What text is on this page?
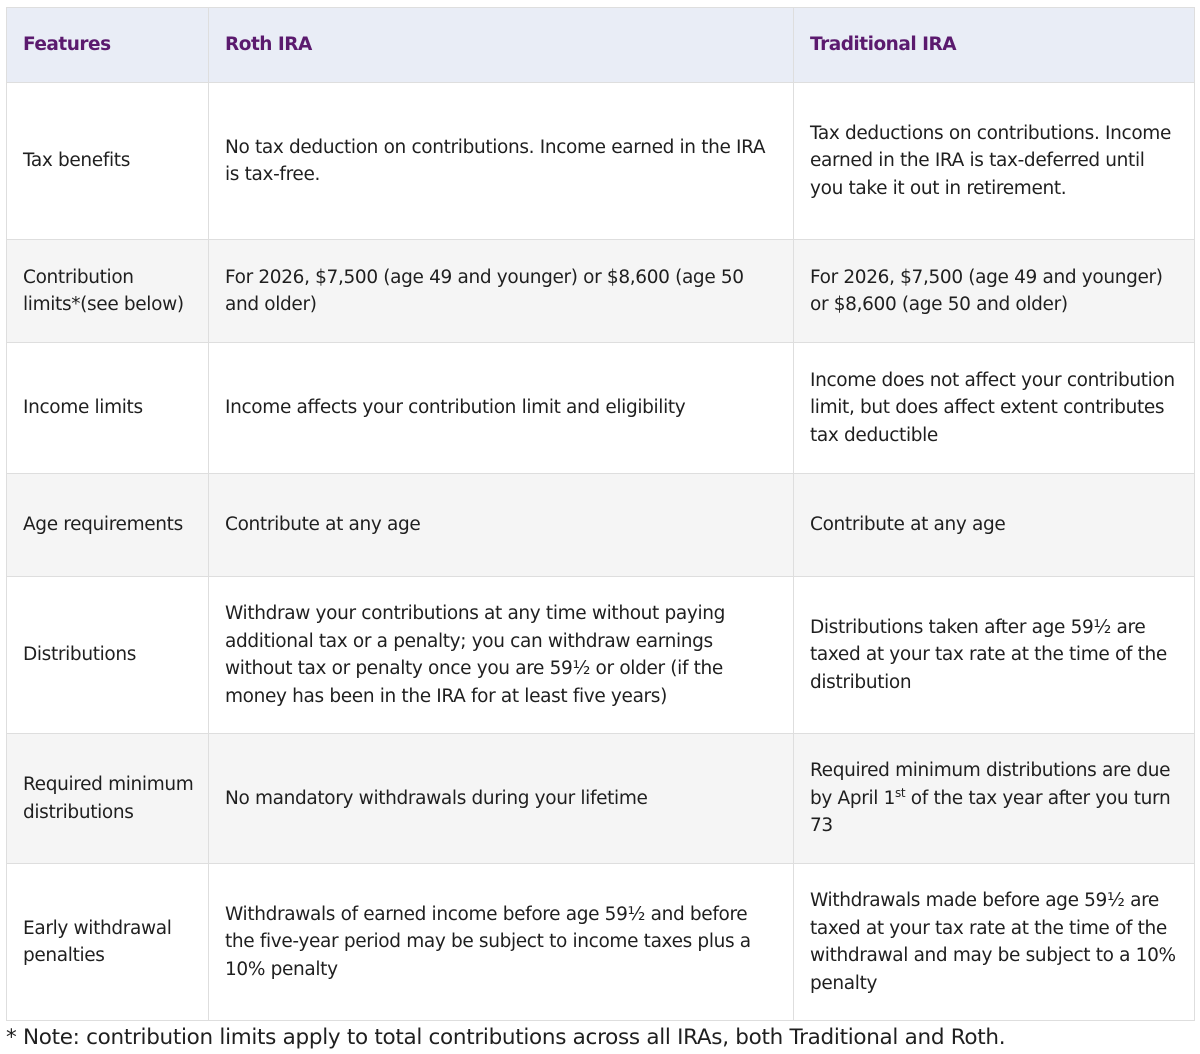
Features	Roth IRA	Traditional IRA
Tax benefits	No tax deduction on contributions. Income earned in the IRA is tax-free.	Tax deductions on contributions. Income earned in the IRA is tax-deferred until you take it out in retirement.
Contribution limits*(see below)	For 2026, $7,500 (age 49 and younger) or $8,600 (age 50 and older)	For 2026, $7,500 (age 49 and younger) or $8,600 (age 50 and older)
Income limits	Income affects your contribution limit and eligibility	Income does not affect your contribution limit, but does affect extent contributes tax deductible
Age requirements	Contribute at any age	Contribute at any age
Distributions	Withdraw your contributions at any time without paying additional tax or a penalty; you can withdraw earnings without tax or penalty once you are 59½ or older (if the money has been in the IRA for at least five years)	Distributions taken after age 59½ are taxed at your tax rate at the time of the distribution
Required minimum distributions	No mandatory withdrawals during your lifetime	Required minimum distributions are due by April 1st of the tax year after you turn 73
Early withdrawal penalties	Withdrawals of earned income before age 59½ and before the five-year period may be subject to income taxes plus a 10% penalty	Withdrawals made before age 59½ are taxed at your tax rate at the time of the withdrawal and may be subject to a 10% penalty
* Note: contribution limits apply to total contributions across all IRAs, both Traditional and Roth.
